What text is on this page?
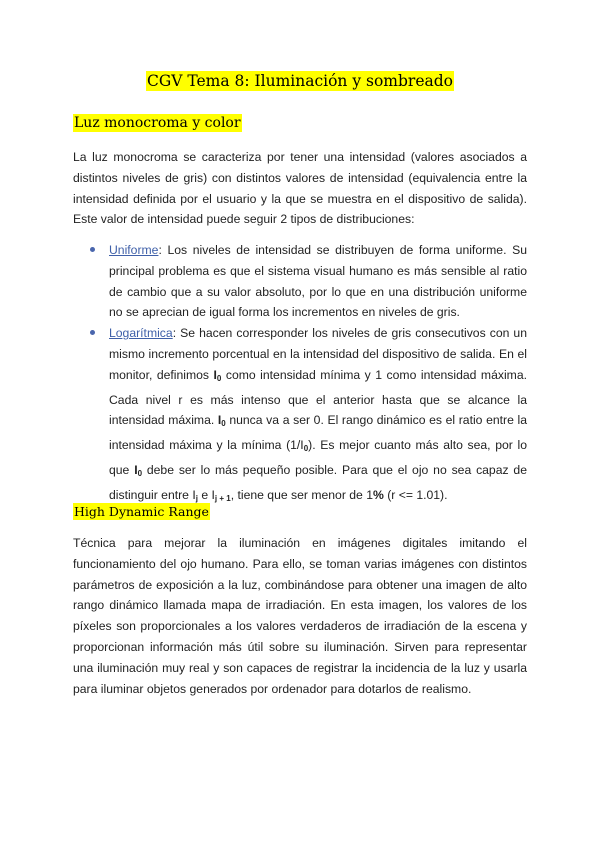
CGV Tema 8: Iluminación y sombreado
Luz monocroma y color

La luz monocroma se caracteriza por tener una intensidad (valores asociados a distintos niveles de gris) con distintos valores de intensidad (equivalencia entre la intensidad definida por el usuario y la que se muestra en el dispositivo de salida). Este valor de intensidad puede seguir 2 tipos de distribuciones:

Uniforme: Los niveles de intensidad se distribuyen de forma uniforme. Su principal problema es que el sistema visual humano es más sensible al ratio de cambio que a su valor absoluto, por lo que en una distribución uniforme no se aprecian de igual forma los incrementos en niveles de gris.
Logarítmica: Se hacen corresponder los niveles de gris consecutivos con un mismo incremento porcentual en la intensidad del dispositivo de salida. En el monitor, definimos $I_0$ como intensidad mínima y 1 como intensidad máxima. Cada nivel r es más intenso que el anterior hasta que se alcance la intensidad máxima. $I_0$ nunca va a ser 0. El rango dinámico es el ratio entre la intensidad máxima y la mínima $(1/I_0)$. Es mejor cuanto más alto sea, por lo que $I_0$ debe ser lo más pequeño posible. Para que el ojo no sea capaz de distinguir entre $I_j$ e $I_{j + 1}$, tiene que ser menor de 1% (r <= 1.01).
High Dynamic Range

Técnica para mejorar la iluminación en imágenes digitales imitando el funcionamiento del ojo humano. Para ello, se toman varias imágenes con distintos parámetros de exposición a la luz, combinándose para obtener una imagen de alto rango dinámico llamada mapa de irradiación. En esta imagen, los valores de los píxeles son proporcionales a los valores verdaderos de irradiación de la escena y proporcionan información más útil sobre su iluminación. Sirven para representar una iluminación muy real y son capaces de registrar la incidencia de la luz y usarla para iluminar objetos generados por ordenador para dotarlos de realismo.
